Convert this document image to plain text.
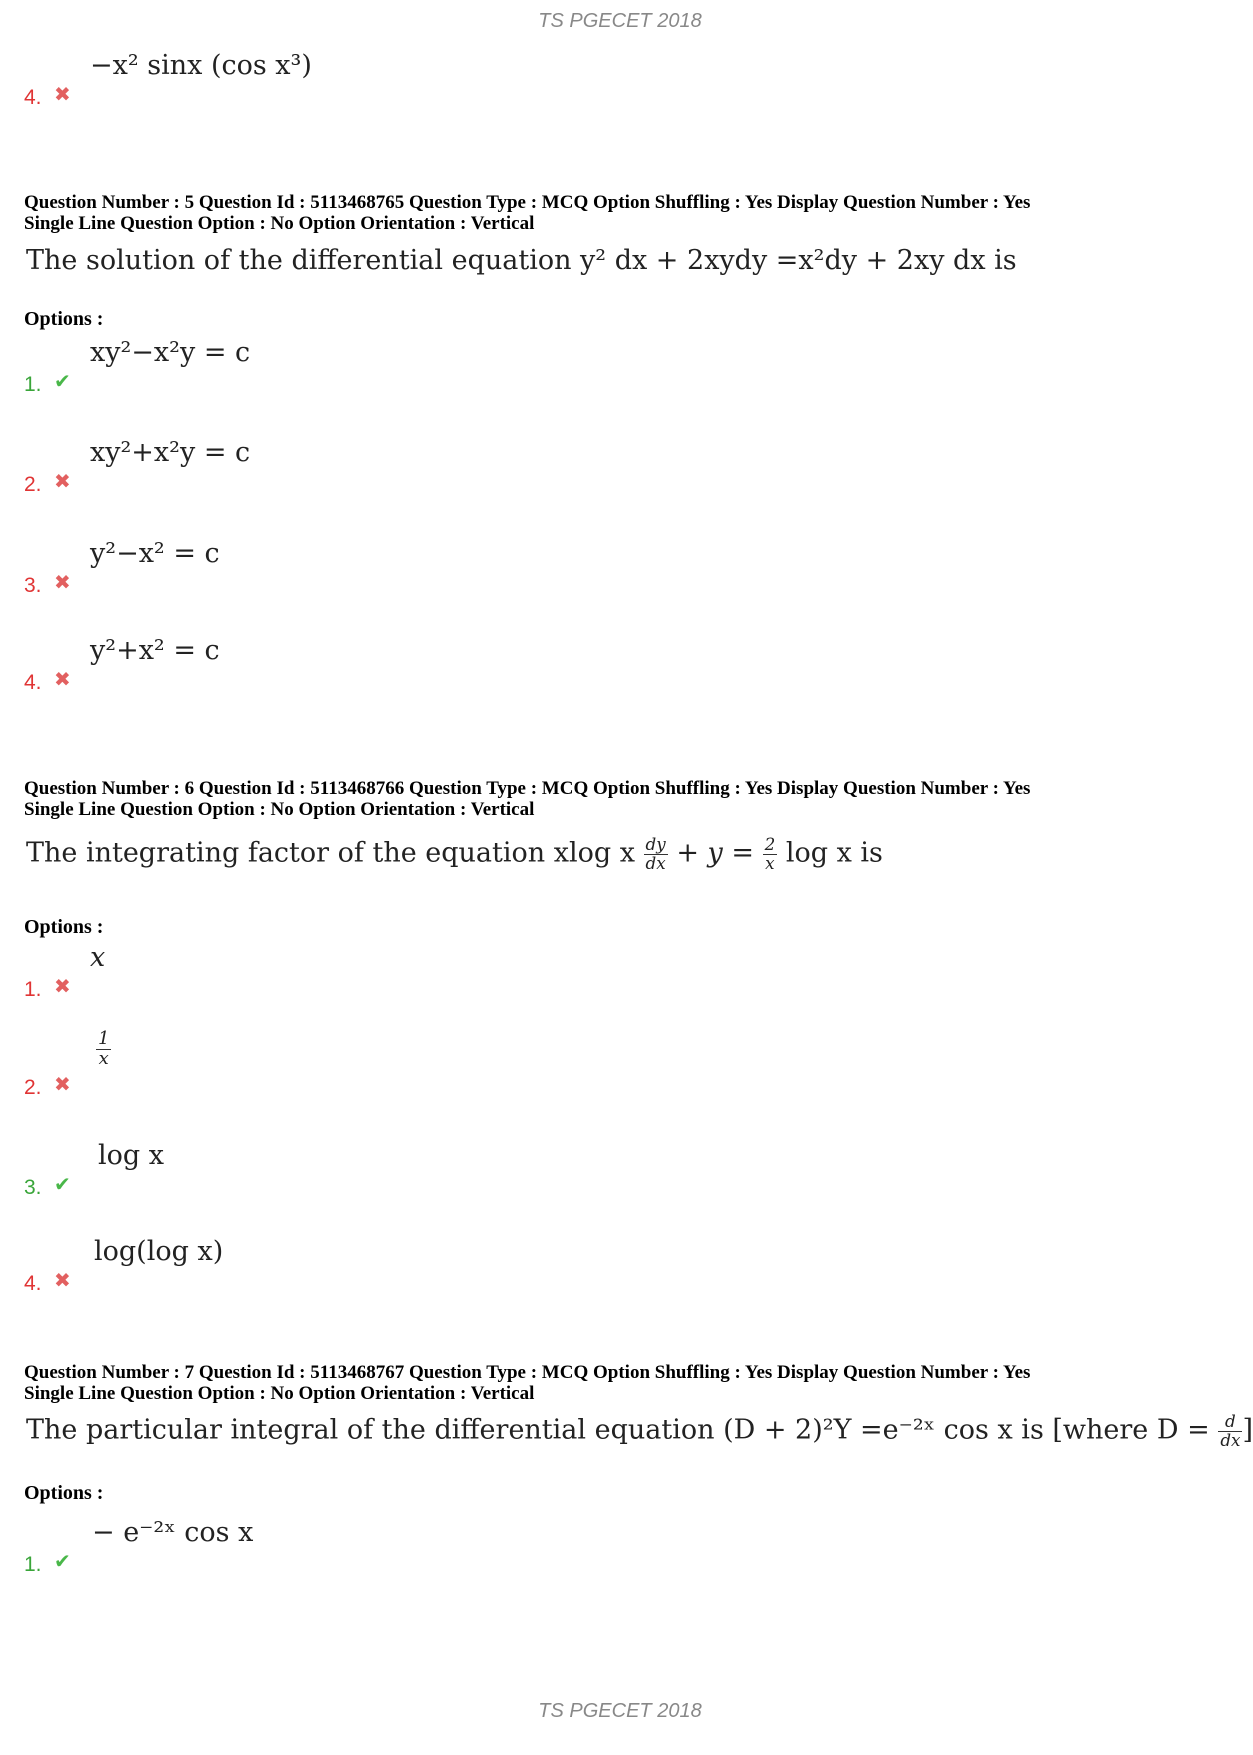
TS PGECET 2018
4. ✖
−x² sinx (cos x³)
Question Number : 5 Question Id : 5113468765 Question Type : MCQ Option Shuffling : Yes Display Question Number : Yes
Single Line Question Option : No Option Orientation : Vertical
The solution of the differential equation y² dx + 2xydy =x²dy + 2xy dx is
Options :
1. ✔
xy²−x²y = c
2. ✖
xy²+x²y = c
3. ✖
y²−x² = c
4. ✖
y²+x² = c
Question Number : 6 Question Id : 5113468766 Question Type : MCQ Option Shuffling : Yes Display Question Number : Yes
Single Line Question Option : No Option Orientation : Vertical
The integrating factor of the equation xlog x $\frac{dy}{dx} + y = \frac{2}{x}$ log x is
Options :
1. ✖
x
2. ✖
$\frac{1}{x}$
3. ✔
log x
4. ✖
log(log x)
Question Number : 7 Question Id : 5113468767 Question Type : MCQ Option Shuffling : Yes Display Question Number : Yes
Single Line Question Option : No Option Orientation : Vertical
The particular integral of the differential equation (D + 2)²Y =e⁻²ˣ cos x is [where $D = \frac{d}{dx}$ ]
Options :
1. ✔
− e⁻²ˣ cos x
TS PGECET 2018
